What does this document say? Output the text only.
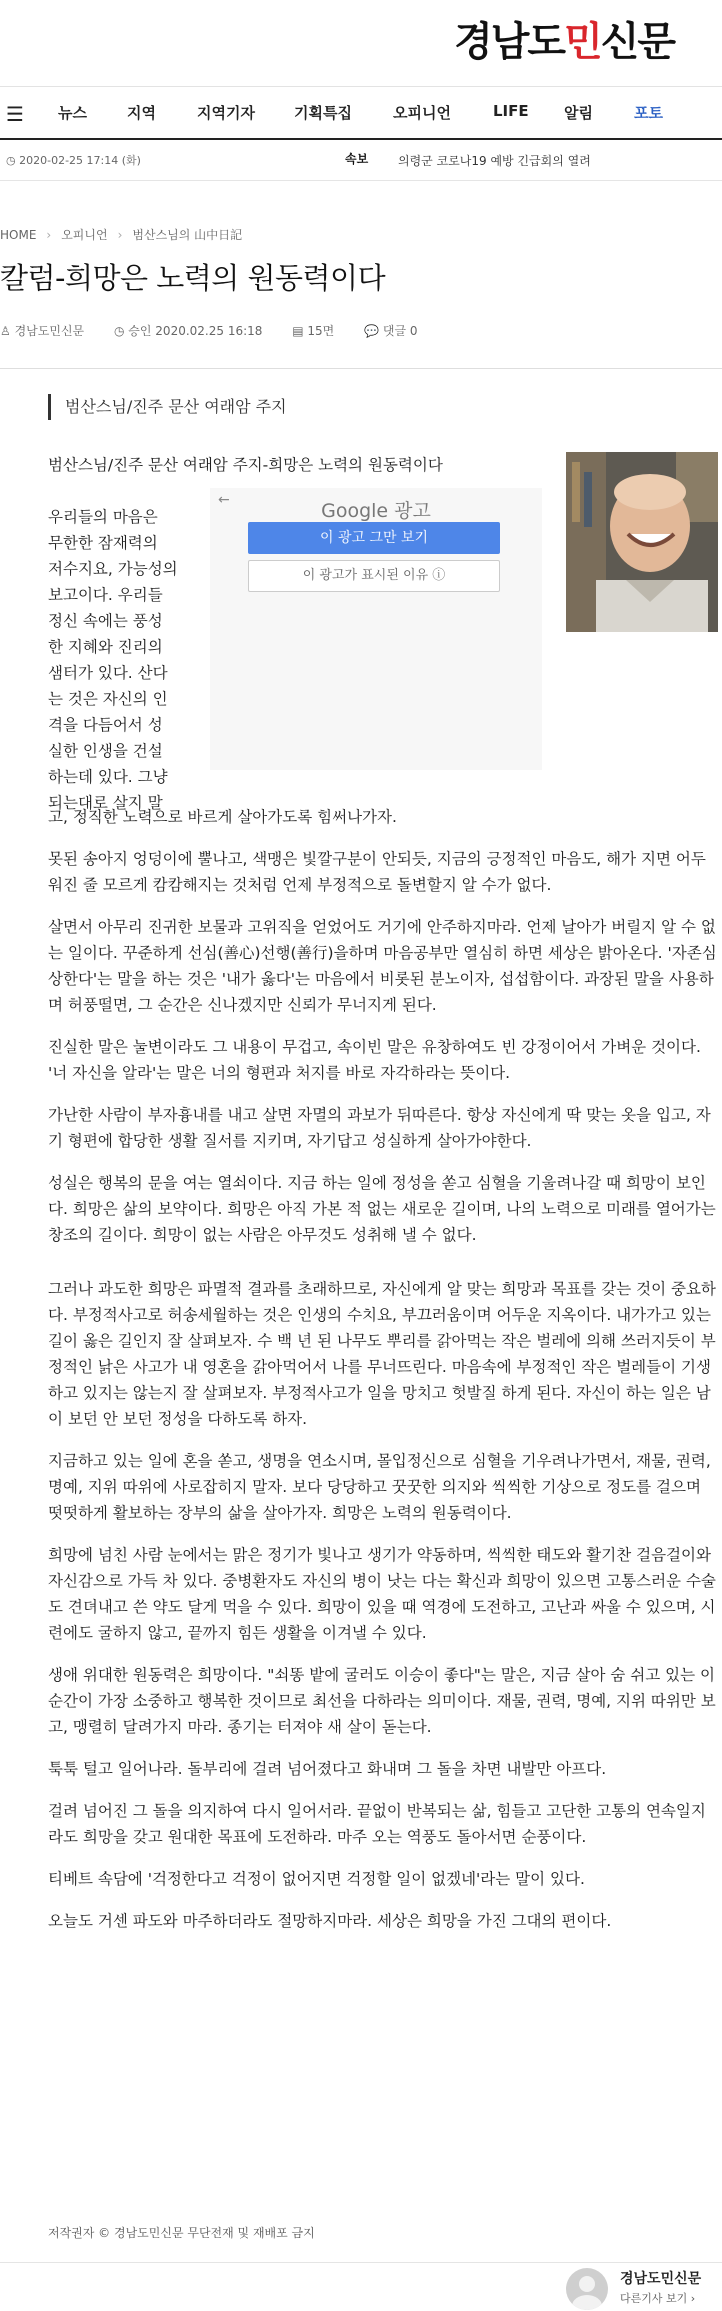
경남도민신문
☰ 뉴스	지역	지역기자	기획특집	오피니언	LIFE 알림	포토
◷ 2020-02-25 17:14 (화)	속보 의령군 코로나19 예방 긴급회의 열려
HOME › 오피니언 › 범산스님의 山中日記
칼럼-희망은 노력의 원동력이다
♙ 경남도민신문 ◷ 승인 2020.02.25 16:18 ▤ 15면 💬 댓글 0
범산스님/진주 문산 여래암 주지
범산스님/진주 문산 여래암 주지-희망은 노력의 원동력이다
우리들의 마음은
무한한 잠재력의
저수지요, 가능성의
보고이다. 우리들
정신 속에는 풍성
한 지혜와 진리의
샘터가 있다. 산다
는 것은 자신의 인
격을 다듬어서 성
실한 인생을 건설
하는데 있다. 그냥
되는대로 살지 말
←	Google 광고
이 광고 그만 보기
이 광고가 표시된 이유 ⓘ

고, 정직한 노력으로 바르게 살아가도록 힘써나가자.

못된 송아지 엉덩이에 뿔나고, 색맹은 빛깔구분이 안되듯, 지금의 긍정적인 마음도, 해가 지면 어두워진 줄 모르게 캄캄해지는 것처럼 언제 부정적으로 돌변할지 알 수가 없다.

살면서 아무리 진귀한 보물과 고위직을 얻었어도 거기에 안주하지마라. 언제 날아가 버릴지 알 수 없는 일이다. 꾸준하게 선심(善心)선행(善行)을하며 마음공부만 열심히 하면 세상은 밝아온다. '자존심 상한다'는 말을 하는 것은 '내가 옳다'는 마음에서 비롯된 분노이자, 섭섭함이다. 과장된 말을 사용하며 허풍떨면, 그 순간은 신나겠지만 신뢰가 무너지게 된다.

진실한 말은 눌변이라도 그 내용이 무겁고, 속이빈 말은 유창하여도 빈 강정이어서 가벼운 것이다. '너 자신을 알라'는 말은 너의 형편과 처지를 바로 자각하라는 뜻이다.

가난한 사람이 부자흉내를 내고 살면 자멸의 과보가 뒤따른다. 항상 자신에게 딱 맞는 옷을 입고, 자기 형편에 합당한 생활 질서를 지키며, 자기답고 성실하게 살아가야한다.

성실은 행복의 문을 여는 열쇠이다. 지금 하는 일에 정성을 쏟고 심혈을 기울려나갈 때 희망이 보인다. 희망은 삶의 보약이다. 희망은 아직 가본 적 없는 새로운 길이며, 나의 노력으로 미래를 열어가는 창조의 길이다. 희망이 없는 사람은 아무것도 성취해 낼 수 없다.

그러나 과도한 희망은 파멸적 결과를 초래하므로, 자신에게 알 맞는 희망과 목표를 갖는 것이 중요하다. 부정적사고로 허송세월하는 것은 인생의 수치요, 부끄러움이며 어두운 지옥이다. 내가가고 있는 길이 옳은 길인지 잘 살펴보자. 수 백 년 된 나무도 뿌리를 갉아먹는 작은 벌레에 의해 쓰러지듯이 부정적인 낡은 사고가 내 영혼을 갉아먹어서 나를 무너뜨린다. 마음속에 부정적인 작은 벌레들이 기생하고 있지는 않는지 잘 살펴보자. 부정적사고가 일을 망치고 헛발질 하게 된다. 자신이 하는 일은 남이 보던 안 보던 정성을 다하도록 하자.

지금하고 있는 일에 혼을 쏟고, 생명을 연소시며, 몰입정신으로 심혈을 기우려나가면서, 재물, 권력, 명예, 지위 따위에 사로잡히지 말자. 보다 당당하고 꿋꿋한 의지와 씩씩한 기상으로 정도를 걸으며 떳떳하게 활보하는 장부의 삶을 살아가자. 희망은 노력의 원동력이다.

희망에 넘친 사람 눈에서는 맑은 정기가 빛나고 생기가 약동하며, 씩씩한 태도와 활기찬 걸음걸이와 자신감으로 가득 차 있다. 중병환자도 자신의 병이 낫는 다는 확신과 희망이 있으면 고통스러운 수술도 견뎌내고 쓴 약도 달게 먹을 수 있다. 희망이 있을 때 역경에 도전하고, 고난과 싸울 수 있으며, 시련에도 굴하지 않고, 끝까지 힘든 생활을 이겨낼 수 있다.

생애 위대한 원동력은 희망이다. "쇠똥 밭에 굴러도 이승이 좋다"는 말은, 지금 살아 숨 쉬고 있는 이 순간이 가장 소중하고 행복한 것이므로 최선을 다하라는 의미이다. 재물, 권력, 명예, 지위 따위만 보고, 맹렬히 달려가지 마라. 종기는 터져야 새 살이 돋는다.

툭툭 털고 일어나라. 돌부리에 걸려 넘어졌다고 화내며 그 돌을 차면 내발만 아프다.

걸려 넘어진 그 돌을 의지하여 다시 일어서라. 끝없이 반복되는 삶, 힘들고 고단한 고통의 연속일지라도 희망을 갖고 원대한 목표에 도전하라. 마주 오는 역풍도 돌아서면 순풍이다.

티베트 속담에 '걱정한다고 걱정이 없어지면 걱정할 일이 없겠네'라는 말이 있다.

오늘도 거센 파도와 마주하더라도 절망하지마라. 세상은 희망을 가진 그대의 편이다.

저작권자 © 경남도민신문 무단전재 및 재배포 금지
경남도민신문
다른기사 보기 ›
